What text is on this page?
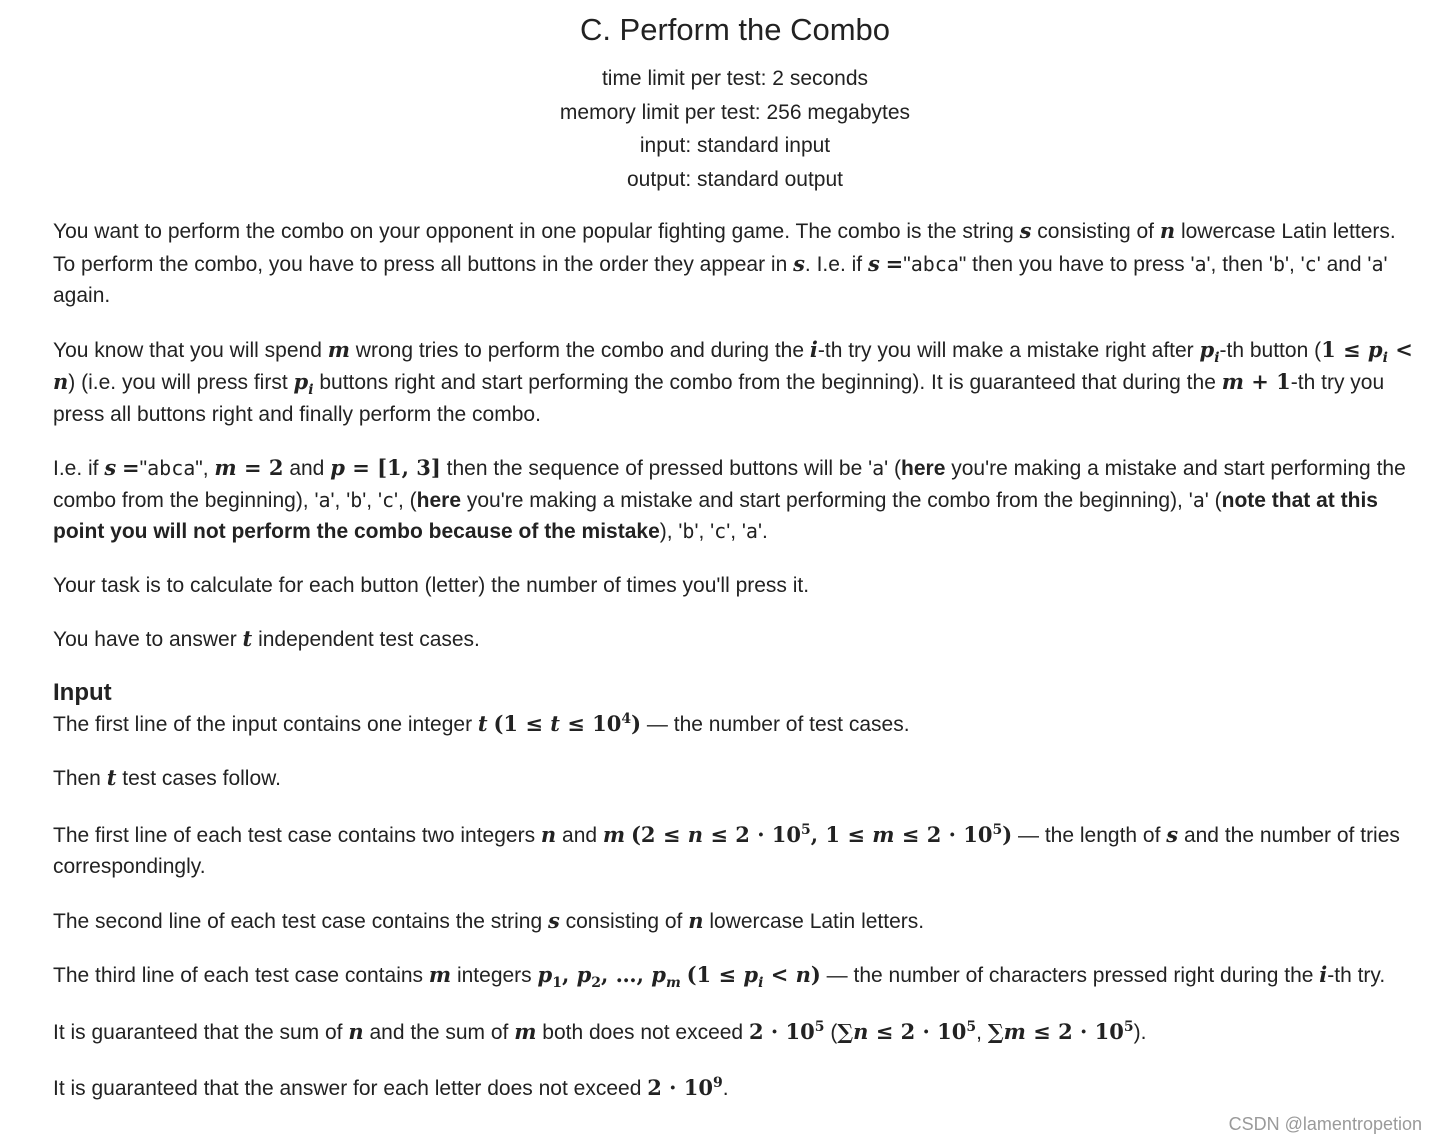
C. Perform the Combo
time limit per test: 2 seconds
memory limit per test: 256 megabytes
input: standard input
output: standard output

You want to perform the combo on your opponent in one popular fighting game. The combo is the string s consisting of n lowercase Latin letters. To perform the combo, you have to press all buttons in the order they appear in s. I.e. if s ="abca" then you have to press 'a', then 'b', 'c' and 'a' again.

You know that you will spend m wrong tries to perform the combo and during the i-th try you will make a mistake right after $p_i-th$ button $(1 \le p_i < n)$ (i.e. you will press first $p_i$ buttons right and start performing the combo from the beginning). It is guaranteed that during the m + 1-th try you press all buttons right and finally perform the combo.

I.e. if s ="abca", m = 2 and p = [1, 3] then the sequence of pressed buttons will be 'a' (here you're making a mistake and start performing the combo from the beginning), 'a', 'b', 'c', (here you're making a mistake and start performing the combo from the beginning), 'a' (note that at this point you will not perform the combo because of the mistake), 'b', 'c', 'a'.

Your task is to calculate for each button (letter) the number of times you'll press it.

You have to answer t independent test cases.

Input

The first line of the input contains one integer t $(1 \le t \le 10^4)$ — the number of test cases.

Then t test cases follow.

The first line of each test case contains two integers n and m ($2 \le n \le 2 \cdot 10^5$, $1 \le m \le 2 \cdot 10^5$) — the length of s and the number of tries correspondingly.

The second line of each test case contains the string s consisting of n lowercase Latin letters.

The third line of each test case contains m integers $p_1$, $p_2$, …, $p_m$ $(1 \le p_i < n)$ — the number of characters pressed right during the i-th try.

It is guaranteed that the sum of n and the sum of m both does not exceed $2 \cdot 10^5$ ($\sum n \le 2 \cdot 10^5$, $\sum m \le 2 \cdot 10^5$).

It is guaranteed that the answer for each letter does not exceed $2 \cdot 10^9$.

CSDN @lamentropetion
